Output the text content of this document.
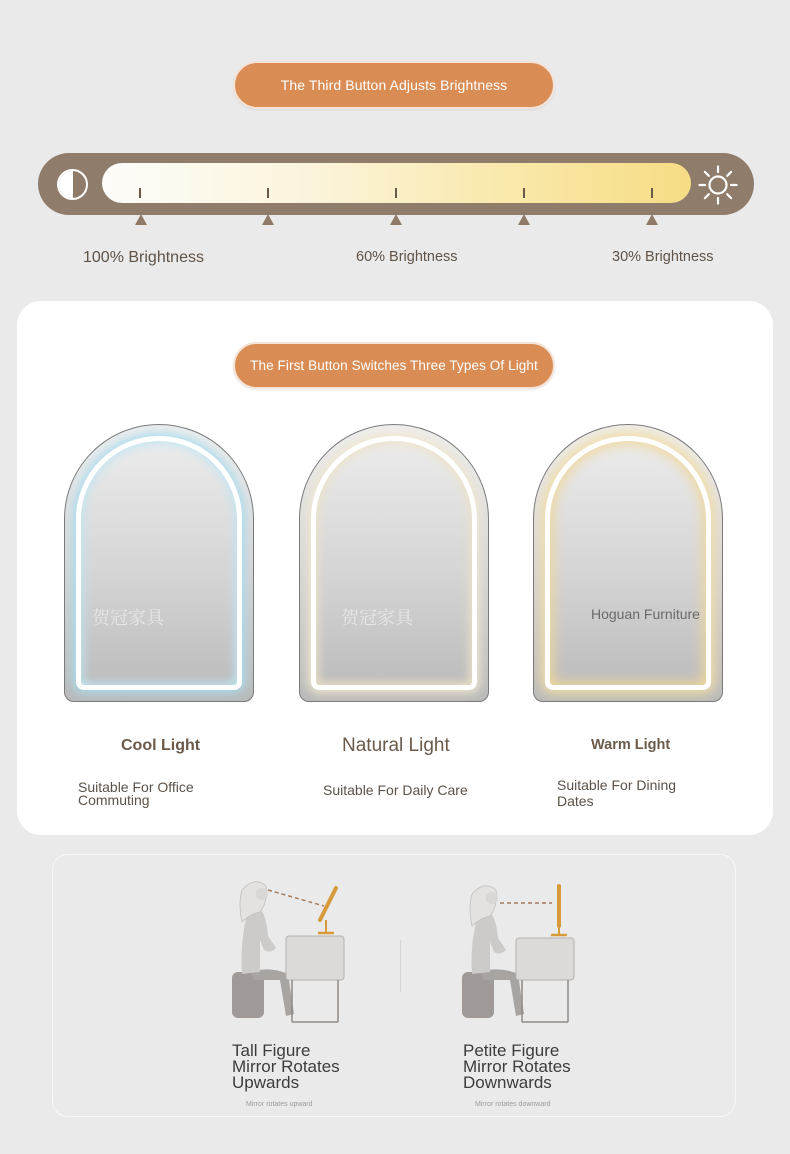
The Third Button Adjusts Brightness
100% Brightness	60% Brightness	30% Brightness
The First Button Switches Three Types Of Light
贺冠家具	贺冠家具	Hoguan Furniture
Cool Light	Natural Light	Warm Light
Suitable For Office Commuting
Suitable For Daily Care	Suitable For Dining Dates
Tall Figure
Mirror Rotates
Upwards
Petite Figure
Mirror Rotates
Downwards
Mirror rotates upward	Mirror rotates downward
